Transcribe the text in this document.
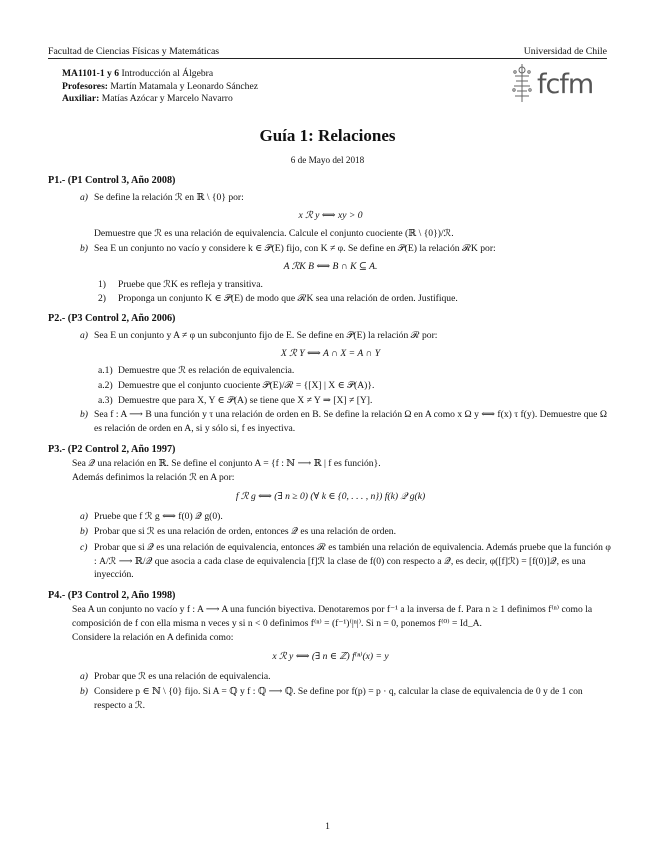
Facultad de Ciencias Físicas y Matemáticas	Universidad de Chile
MA1101-1 y 6 Introducción al Álgebra
Profesores: Martín Matamala y Leonardo Sánchez
Auxiliar: Matías Azócar y Marcelo Navarro	fcfm
Guía 1: Relaciones
6 de Mayo del 2018
P1.- (P1 Control 3, Año 2008)
a) Se define la relación ℛ en ℝ \ {0} por:
x ℛ y ⟺ xy > 0
Demuestre que ℛ es una relación de equivalencia. Calcule el conjunto cuociente (ℝ \ {0})/ℛ.
b) Sea E un conjunto no vacío y considere k ∈ 𝒫(E) fijo, con K ≠ φ. Se define en 𝒫(E) la relación ℛK por:
A ℛK B ⟺ B ∩ K ⊆ A.
1) Pruebe que ℛK es refleja y transitiva.
2) Proponga un conjunto K ∈ 𝒫(E) de modo que ℛK sea una relación de orden. Justifique.
P2.- (P3 Control 2, Año 2006)
a) Sea E un conjunto y A ≠ φ un subconjunto fijo de E. Se define en 𝒫(E) la relación ℛ por:
X ℛ Y ⟺ A ∩ X = A ∩ Y
a.1) Demuestre que ℛ es relación de equivalencia.
a.2) Demuestre que el conjunto cuociente 𝒫(E)/ℛ = {[X] | X ∈ 𝒫(A)}.
a.3) Demuestre que para X, Y ∈ 𝒫(A) se tiene que X ≠ Y ⇒ [X] ≠ [Y].
b) Sea f : A ⟶ B una función y τ una relación de orden en B. Se define la relación Ω en A como x Ω y ⟺ f(x) τ f(y). Demuestre que Ω es relación de orden en A, si y sólo si, f es inyectiva.
P3.- (P2 Control 2, Año 1997)

Sea 𝒬 una relación en ℝ. Se define el conjunto A = {f : ℕ ⟶ ℝ | f es función}.

Además definimos la relación ℛ en A por:

f ℛ g ⟺ (∃ n ≥ 0) (∀ k ∈ {0, . . . , n}) f(k) 𝒬 g(k)
a) Pruebe que f ℛ g ⟺ f(0) 𝒬 g(0).
b) Probar que si ℛ es una relación de orden, entonces 𝒬 es una relación de orden.
c) Probar que si 𝒬 es una relación de equivalencia, entonces ℛ es también una relación de equivalencia. Además pruebe que la función φ : A/ℛ ⟶ ℝ/𝒬 que asocia a cada clase de equivalencia [f]ℛ la clase de f(0) con respecto a 𝒬, es decir, φ([f]ℛ) = [f(0)]𝒬, es una inyección.
P4.- (P3 Control 2, Año 1998)

Sea A un conjunto no vacío y f : A ⟶ A una función biyectiva. Denotaremos por f⁻¹ a la inversa de f. Para n ≥ 1 definimos f⁽ⁿ⁾ como la composición de f con ella misma n veces y si n < 0 definimos f⁽ⁿ⁾ = (f⁻¹)⁽|ⁿ|⁾. Si n = 0, ponemos f⁽⁰⁾ = Id_A.

Considere la relación en A definida como:

x ℛ y ⟺ (∃ n ∈ ℤ) f⁽ⁿ⁾(x) = y
a) Probar que ℛ es una relación de equivalencia.
b) Considere p ∈ ℕ \ {0} fijo. Si A = ℚ y f : ℚ ⟶ ℚ. Se define por f(p) = p · q, calcular la clase de equivalencia de 0 y de 1 con respecto a ℛ.
1
